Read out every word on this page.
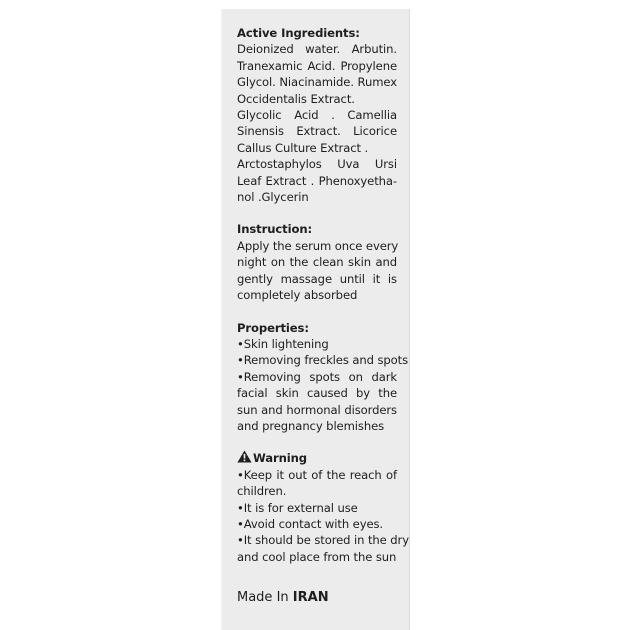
Active Ingredients:
Deionized water. Arbutin.
Tranexamic Acid. Propylene
Glycol. Niacinamide. Rumex
Occidentalis Extract.
Glycolic Acid . Camellia
Sinensis Extract. Licorice
Callus Culture Extract .
Arctostaphylos Uva Ursi
Leaf Extract . Phenoxyetha-
nol .Glycerin
Instruction:
Apply the serum once every
night on the clean skin and
gently massage until it is
completely absorbed
Properties:
•Skin lightening
•Removing freckles and spots
•Removing spots on dark
facial skin caused by the
sun and hormonal disorders
and pregnancy blemishes
Warning
•Keep it out of the reach of
children.
•It is for external use
•Avoid contact with eyes.
•It should be stored in the dry
and cool place from the sun
Made In IRAN
